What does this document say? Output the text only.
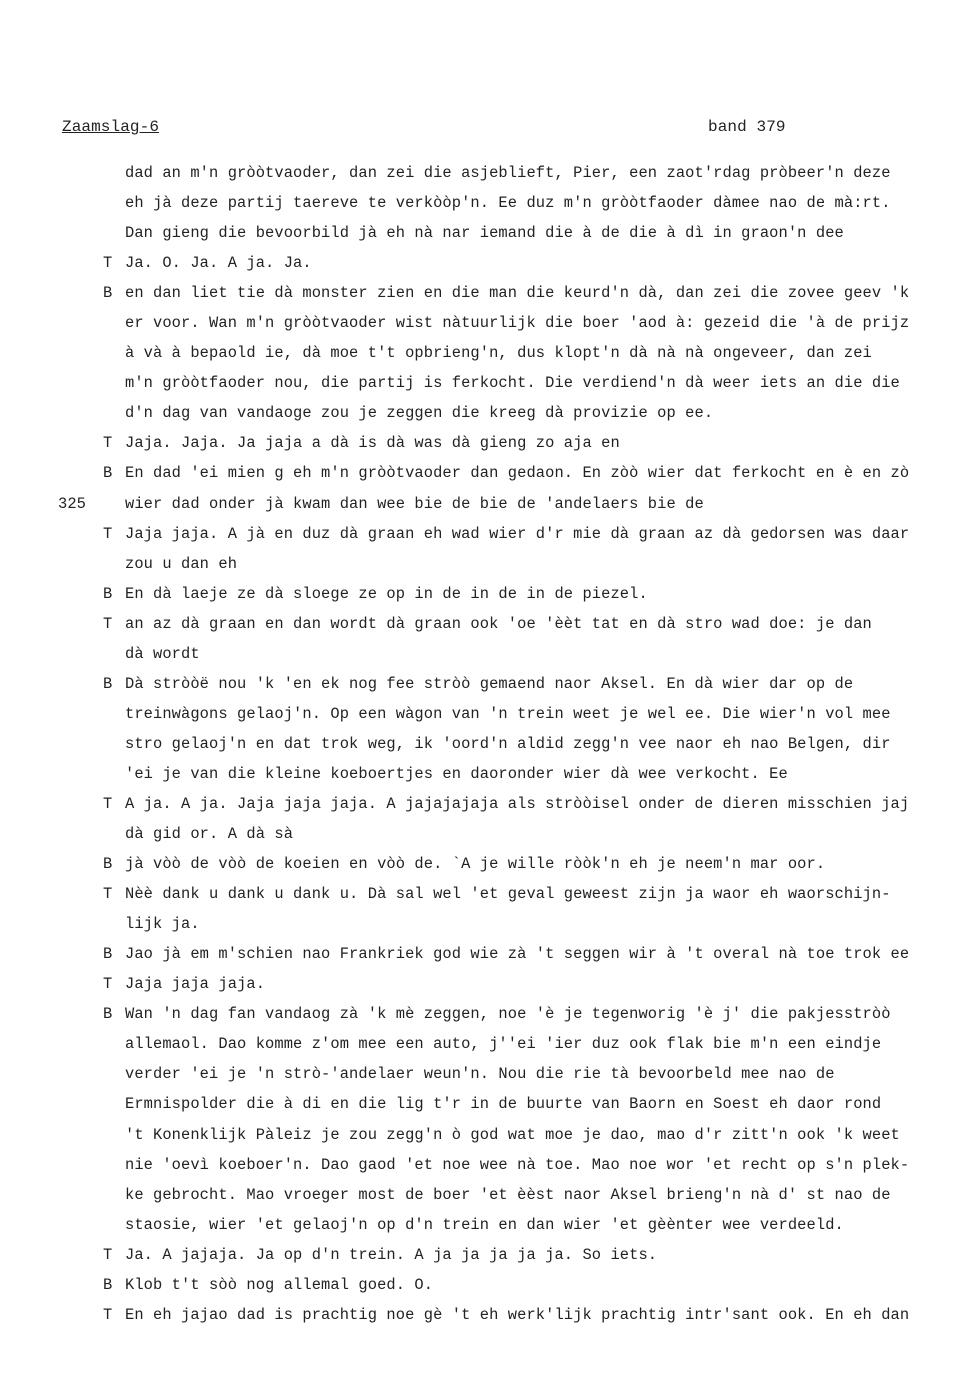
Zaamslag-6	band 379
dad an m'n gròòtvaoder, dan zei die asjeblieft, Pier, een zaot'rdag pròbeer'n deze
eh jà deze partij taereve te verkòòp'n. Ee duz m'n gròòtfaoder dàmee nao de mà:rt.
Dan gieng die bevoorbild jà eh nà nar iemand die à de die à dì in graon'n dee
T Ja. O. Ja. A ja. Ja.
B en dan liet tie dà monster zien en die man die keurd'n dà, dan zei die zovee geev 'k
er voor. Wan m'n gròòtvaoder wist nàtuurlijk die boer 'aod à: gezeid die 'à de prijz
à và à bepaold ie, dà moe t't opbrieng'n, dus klopt'n dà nà nà ongeveer, dan zei
m'n gròòtfaoder nou, die partij is ferkocht. Die verdiend'n dà weer iets an die die
d'n dag van vandaoge zou je zeggen die kreeg dà provizie op ee.
T Jaja. Jaja. Ja jaja a dà is dà was dà gieng zo aja en
B En dad 'ei mien g eh m'n gròòtvaoder dan gedaon. En zòò wier dat ferkocht en è en zò
325	wier dad onder jà kwam dan wee bie de bie de 'andelaers bie de
T Jaja jaja. A jà en duz dà graan eh wad wier d'r mie dà graan az dà gedorsen was daar
zou u dan eh
B En dà laeje ze dà sloege ze op in de in de in de piezel.
T an az dà graan en dan wordt dà graan ook 'oe 'èèt tat en dà stro wad doe: je dan
dà wordt
B Dà stròòë nou 'k 'en ek nog fee stròò gemaend naor Aksel. En dà wier dar op de
treinwàgons gelaoj'n. Op een wàgon van 'n trein weet je wel ee. Die wier'n vol mee
stro gelaoj'n en dat trok weg, ik 'oord'n aldid zegg'n vee naor eh nao Belgen, dir
'ei je van die kleine koeboertjes en daoronder wier dà wee verkocht. Ee
T A ja. A ja. Jaja jaja jaja. A jajajajaja als stròòisel onder de dieren misschien jaj
dà gid or. A dà sà
B jà vòò de vòò de koeien en vòò de. `A je wille ròòk'n eh je neem'n mar oor.
T Nèè dank u dank u dank u. Dà sal wel 'et geval geweest zijn ja waor eh waorschijn-
lijk ja.
B Jao jà em m'schien nao Frankriek god wie zà 't seggen wir à 't overal nà toe trok ee
T Jaja jaja jaja.
B Wan 'n dag fan vandaog zà 'k mè zeggen, noe 'è je tegenworig 'è j' die pakjesstròò
allemaol. Dao komme z'om mee een auto, j''ei 'ier duz ook flak bie m'n een eindje
verder 'ei je 'n strò-'andelaer weun'n. Nou die rie tà bevoorbeld mee nao de
Ermnispolder die à di en die lig t'r in de buurte van Baorn en Soest eh daor rond
't Konenklijk Pàleiz je zou zegg'n ò god wat moe je dao, mao d'r zitt'n ook 'k weet
nie 'oevì koeboer'n. Dao gaod 'et noe wee nà toe. Mao noe wor 'et recht op s'n plek-
ke gebrocht. Mao vroeger most de boer 'et èèst naor Aksel brieng'n nà d' st nao de
staosie, wier 'et gelaoj'n op d'n trein en dan wier 'et gèènter wee verdeeld.
T Ja. A jajaja. Ja op d'n trein. A ja ja ja ja ja. So iets.
B Klob t't sòò nog allemal goed. O.
T En eh jajao dad is prachtig noe gè 't eh werk'lijk prachtig intr'sant ook. En eh dan
